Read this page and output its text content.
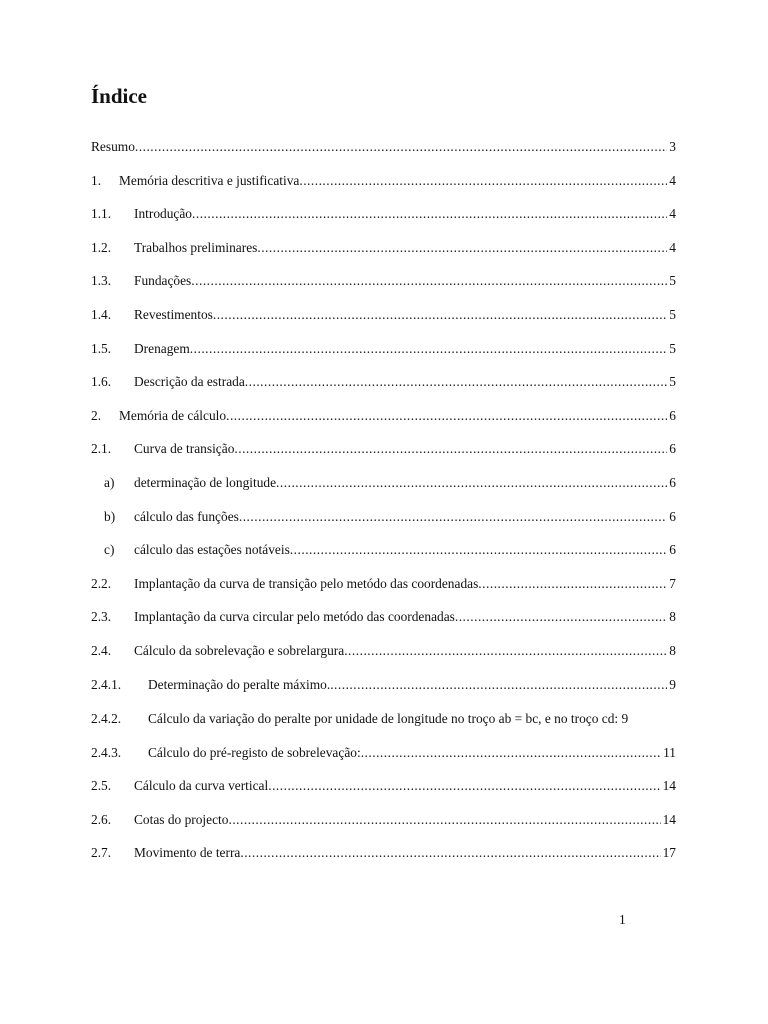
Índice
Resumo .....	3
1.	Memória descritiva e justificativa .....	4
1.1.	Introdução .....	4
1.2.	Trabalhos preliminares .....	4
1.3.	Fundações .....	5
1.4.	Revestimentos .....	5
1.5.	Drenagem .....	5
1.6.	Descrição da estrada .....	5
2.	Memória de cálculo .....	6
2.1.	Curva de transição .....	6
a)	determinação de longitude .....	6
b)	cálculo das funções .....	6
c)	cálculo das estações notáveis .....	6
2.2.	Implantação da curva de transição pelo metódo das coordenadas .....	7
2.3.	Implantação da curva circular pelo metódo das coordenadas .....	8
2.4.	Cálculo da sobrelevação e sobrelargura .....	8
2.4.1.	Determinação do peralte máximo. .....	9
2.4.2. Cálculo da variação do peralte por unidade de longitude no troço ab = bc, e no troço cd: 9
2.4.3.	Cálculo do pré-registo de sobrelevação: .....	11
2.5.	Cálculo da curva vertical .....	14
2.6.	Cotas do projecto .....	14
2.7.	Movimento de terra .....	17
1
